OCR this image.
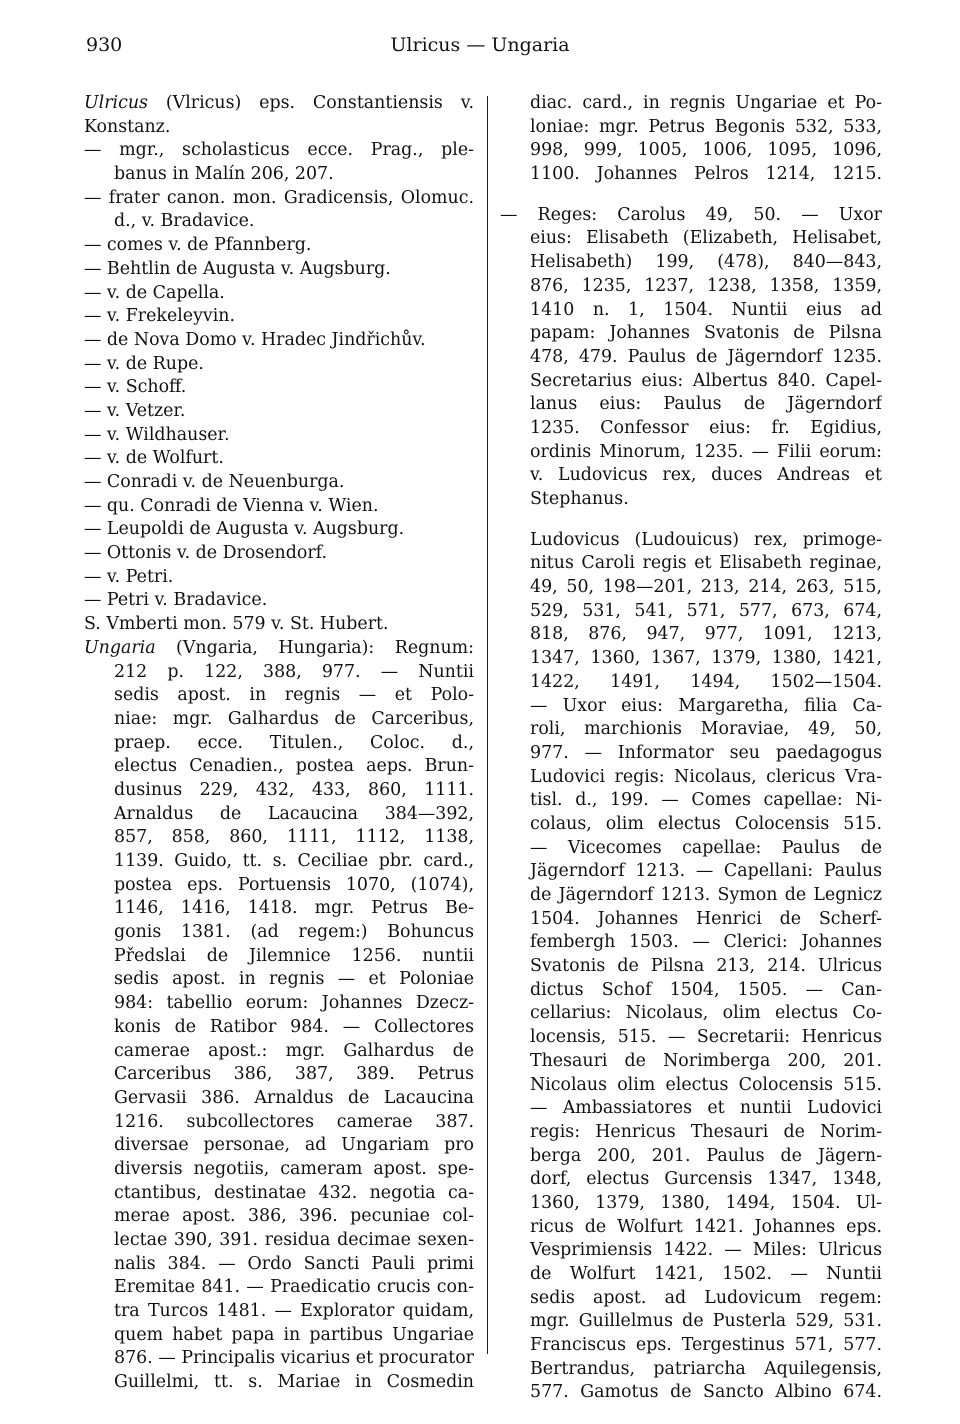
930	Ulricus — Ungaria
Ulricus (Vlricus) eps. Constantiensis v.
Konstanz.
— mgr., scholasticus ecce. Prag., ple-
banus in Malín 206, 207.
— frater canon. mon. Gradicensis, Olomuc.
d., v. Bradavice.
— comes v. de Pfannberg.
— Behtlin de Augusta v. Augsburg.
— v. de Capella.
— v. Frekeleyvin.
— de Nova Domo v. Hradec Jindřichův.
— v. de Rupe.
— v. Schoff.
— v. Vetzer.
— v. Wildhauser.
— v. de Wolfurt.
— Conradi v. de Neuenburga.
— qu. Conradi de Vienna v. Wien.
— Leupoldi de Augusta v. Augsburg.
— Ottonis v. de Drosendorf.
— v. Petri.
— Petri v. Bradavice.
S. Vmberti mon. 579 v. St. Hubert.
Ungaria (Vngaria, Hungaria): Regnum:
212 p. 122, 388, 977. — Nuntii
sedis apost. in regnis — et Polo-
niae: mgr. Galhardus de Carceribus,
praep. ecce. Titulen., Coloc. d.,
electus Cenadien., postea aeps. Brun-
dusinus 229, 432, 433, 860, 1111.
Arnaldus de Lacaucina 384—392,
857, 858, 860, 1111, 1112, 1138,
1139. Guido, tt. s. Ceciliae pbr. card.,
postea eps. Portuensis 1070, (1074),
1146, 1416, 1418. mgr. Petrus Be-
gonis 1381. (ad regem:) Bohuncus
Předslai de Jilemnice 1256. nuntii
sedis apost. in regnis — et Poloniae
984: tabellio eorum: Johannes Dzecz-
konis de Ratibor 984. — Collectores
camerae apost.: mgr. Galhardus de
Carceribus 386, 387, 389. Petrus
Gervasii 386. Arnaldus de Lacaucina
1216. subcollectores camerae 387.
diversae personae, ad Ungariam pro
diversis negotiis, cameram apost. spe-
ctantibus, destinatae 432. negotia ca-
merae apost. 386, 396. pecuniae col-
lectae 390, 391. residua decimae sexen-
nalis 384. — Ordo Sancti Pauli primi
Eremitae 841. — Praedicatio crucis con-
tra Turcos 1481. — Explorator quidam,
quem habet papa in partibus Ungariae
876. — Principalis vicarius et procurator
Guillelmi, tt. s. Mariae in Cosmedin
diac. card., in regnis Ungariae et Po-
loniae: mgr. Petrus Begonis 532, 533,
998, 999, 1005, 1006, 1095, 1096,
1100. Johannes Pelros 1214, 1215.
— Reges: Carolus 49, 50. — Uxor
eius: Elisabeth (Elizabeth, Helisabet,
Helisabeth) 199, (478), 840—843,
876, 1235, 1237, 1238, 1358, 1359,
1410 n. 1, 1504. Nuntii eius ad
papam: Johannes Svatonis de Pilsna
478, 479. Paulus de Jägerndorf 1235.
Secretarius eius: Albertus 840. Capel-
lanus eius: Paulus de Jägerndorf
1235. Confessor eius: fr. Egidius,
ordinis Minorum, 1235. — Filii eorum:
v. Ludovicus rex, duces Andreas et
Stephanus.
Ludovicus (Ludouicus) rex, primoge-
nitus Caroli regis et Elisabeth reginae,
49, 50, 198—201, 213, 214, 263, 515,
529, 531, 541, 571, 577, 673, 674,
818, 876, 947, 977, 1091, 1213,
1347, 1360, 1367, 1379, 1380, 1421,
1422, 1491, 1494, 1502—1504.
— Uxor eius: Margaretha, filia Ca-
roli, marchionis Moraviae, 49, 50,
977. — Informator seu paedagogus
Ludovici regis: Nicolaus, clericus Vra-
tisl. d., 199. — Comes capellae: Ni-
colaus, olim electus Colocensis 515.
— Vicecomes capellae: Paulus de
Jägerndorf 1213. — Capellani: Paulus
de Jägerndorf 1213. Symon de Legnicz
1504. Johannes Henrici de Scherf-
fembergh 1503. — Clerici: Johannes
Svatonis de Pilsna 213, 214. Ulricus
dictus Schof 1504, 1505. — Can-
cellarius: Nicolaus, olim electus Co-
locensis, 515. — Secretarii: Henricus
Thesauri de Norimberga 200, 201.
Nicolaus olim electus Colocensis 515.
— Ambassiatores et nuntii Ludovici
regis: Henricus Thesauri de Norim-
berga 200, 201. Paulus de Jägern-
dorf, electus Gurcensis 1347, 1348,
1360, 1379, 1380, 1494, 1504. Ul-
ricus de Wolfurt 1421. Johannes eps.
Vesprimiensis 1422. — Miles: Ulricus
de Wolfurt 1421, 1502. — Nuntii
sedis apost. ad Ludovicum regem:
mgr. Guillelmus de Pusterla 529, 531.
Franciscus eps. Tergestinus 571, 577.
Bertrandus, patriarcha Aquilegensis,
577. Gamotus de Sancto Albino 674.
